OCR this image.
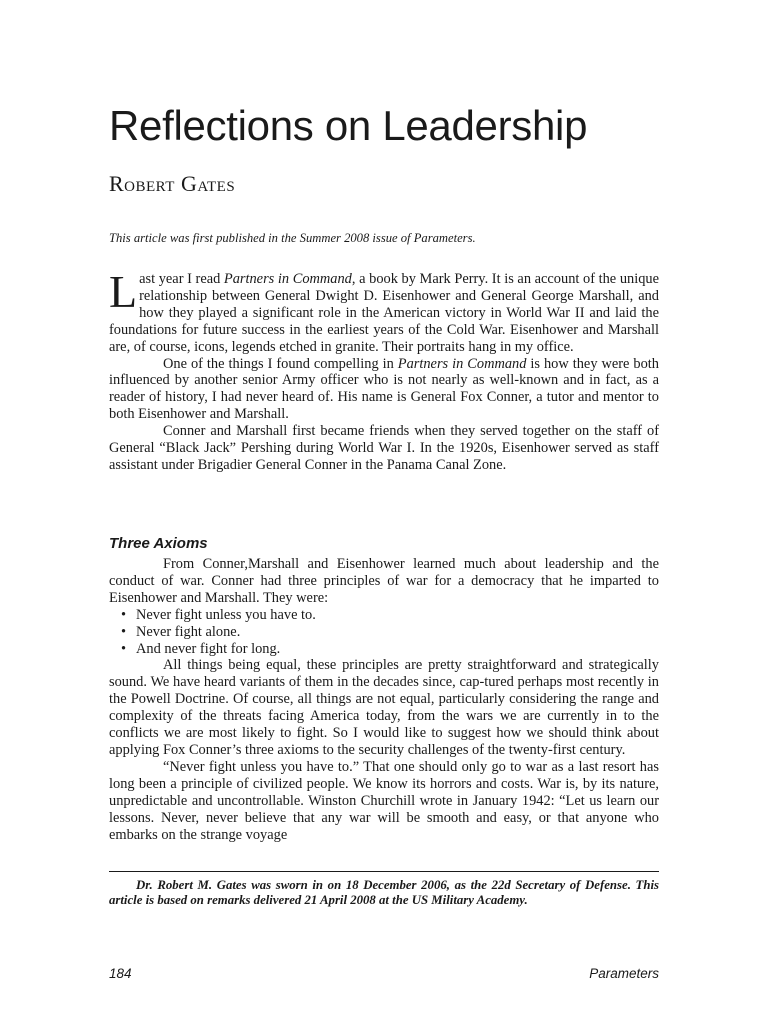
Reflections on Leadership
Robert Gates
This article was first published in the Summer 2008 issue of Parameters.

Last year I read Partners in Command, a book by Mark Perry. It is an account of the unique relationship between General Dwight D. Eisenhower and General George Marshall, and how they played a significant role in the American victory in World War II and laid the foundations for future success in the earliest years of the Cold War. Eisenhower and Marshall are, of course, icons, legends etched in granite. Their portraits hang in my office.

One of the things I found compelling in Partners in Command is how they were both influenced by another senior Army officer who is not nearly as well-known and in fact, as a reader of history, I had never heard of. His name is General Fox Conner, a tutor and mentor to both Eisenhower and Marshall.

Conner and Marshall first became friends when they served together on the staff of General “Black Jack” Pershing during World War I. In the 1920s, Eisenhower served as staff assistant under Brigadier General Conner in the Panama Canal Zone.

Three Axioms

From Conner,Marshall and Eisenhower learned much about leadership and the conduct of war. Conner had three principles of war for a democracy that he imparted to Eisenhower and Marshall. They were:

• Never fight unless you have to.
• Never fight alone.
• And never fight for long.

All things being equal, these principles are pretty straightforward and strategically sound. We have heard variants of them in the decades since, cap-tured perhaps most recently in the Powell Doctrine. Of course, all things are not equal, particularly considering the range and complexity of the threats facing America today, from the wars we are currently in to the conflicts we are most likely to fight. So I would like to suggest how we should think about applying Fox Conner’s three axioms to the security challenges of the twenty-first century.

“Never fight unless you have to.” That one should only go to war as a last resort has long been a principle of civilized people. We know its horrors and costs. War is, by its nature, unpredictable and uncontrollable. Winston Churchill wrote in January 1942: “Let us learn our lessons. Never, never believe that any war will be smooth and easy, or that anyone who embarks on the strange voyage

Dr. Robert M. Gates was sworn in on 18 December 2006, as the 22d Secretary of Defense. This article is based on remarks delivered 21 April 2008 at the US Military Academy.
184	Parameters
